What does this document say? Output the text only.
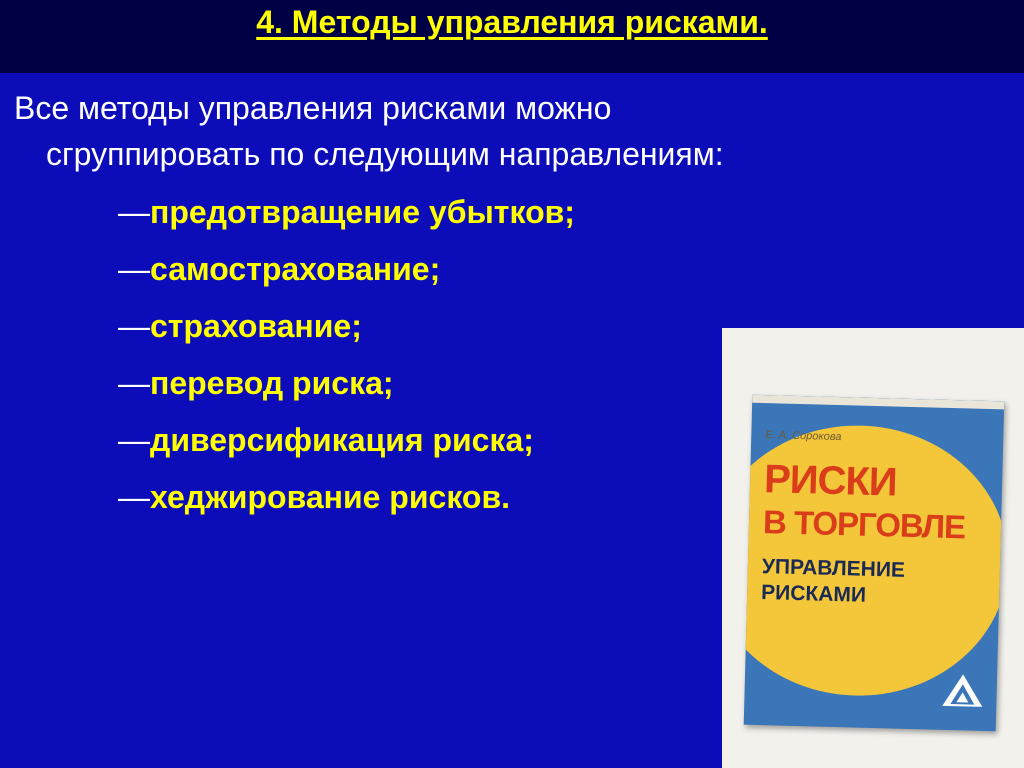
4. Методы управления рисками.
Все методы управления рисками можно
сгруппировать по следующим направлениям:
—предотвращение убытков;
—самострахование;
—страхование;
—перевод риска;
—диверсификация риска;
—хеджирование рисков.
Е. А. Сорокова
РИСКИ
В ТОРГОВЛЕ
УПРАВЛЕНИЕ
РИСКАМИ
